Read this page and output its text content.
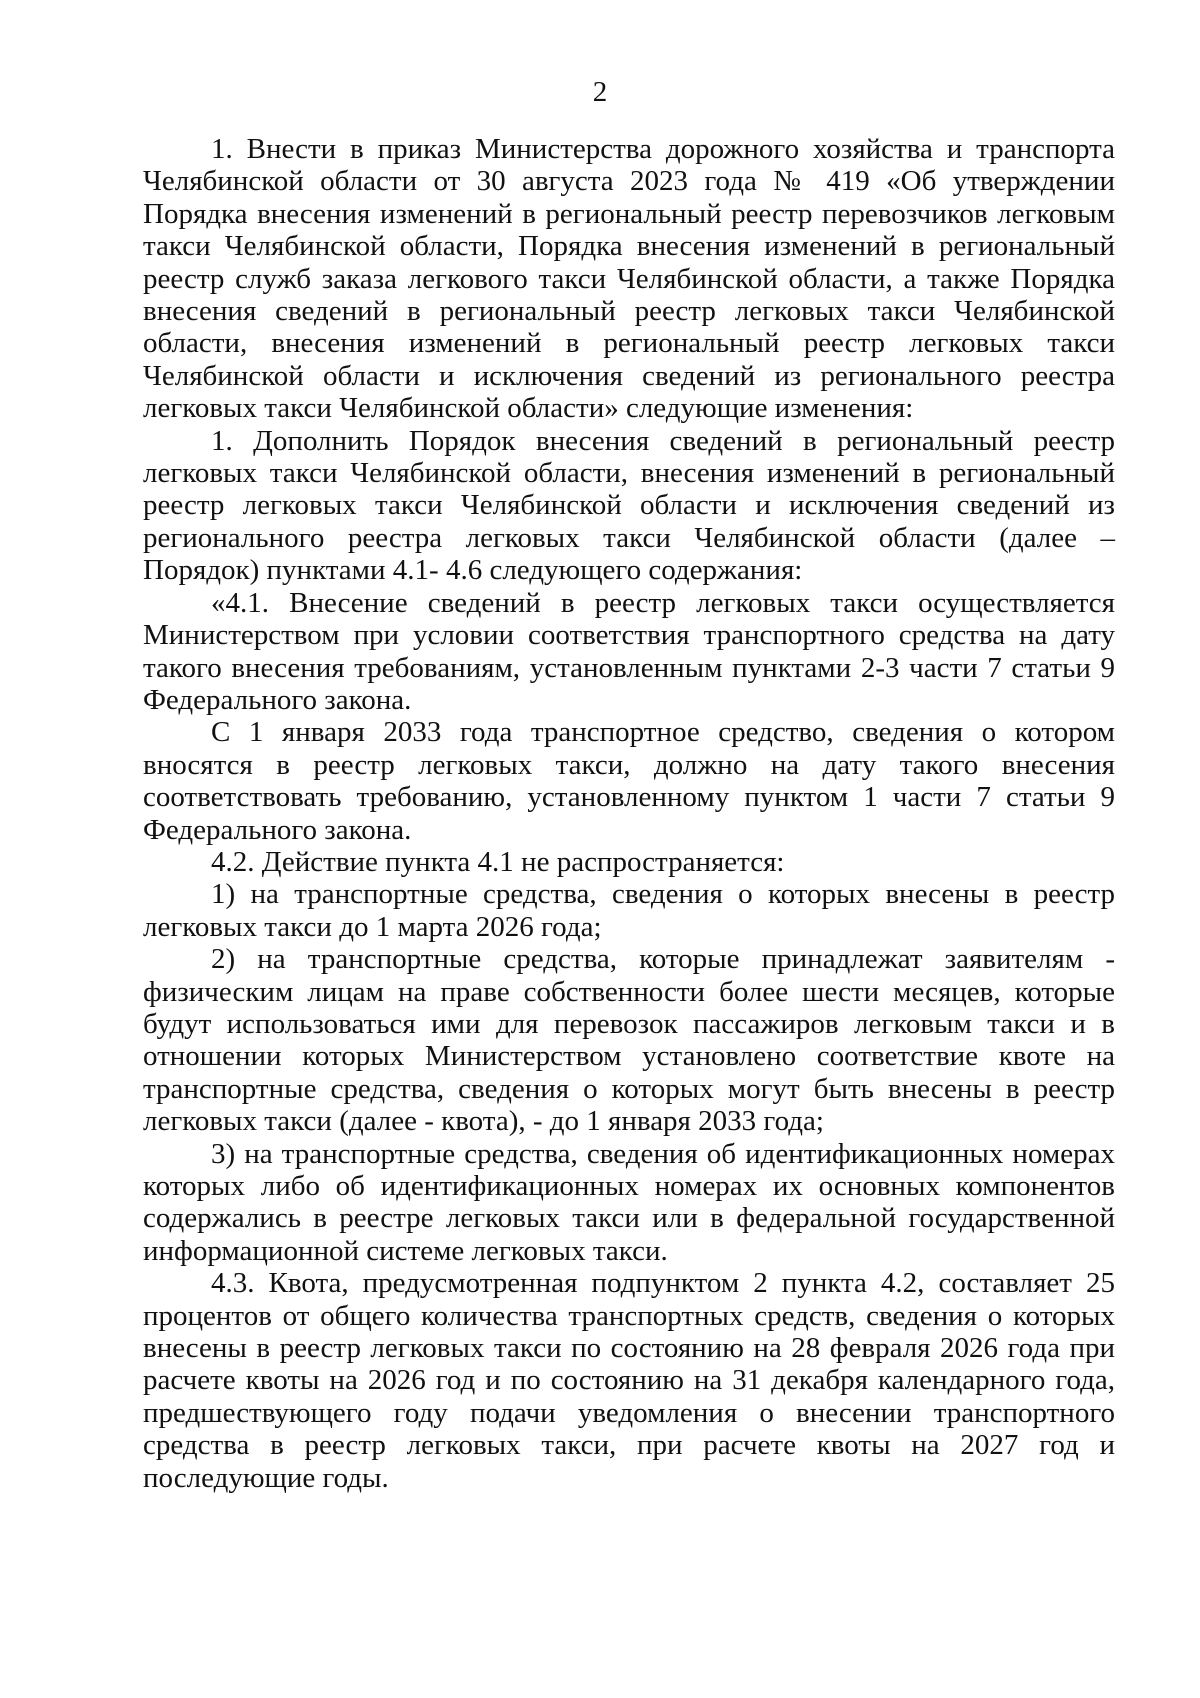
2

1. Внести в приказ Министерства дорожного хозяйства и транспорта Челябинской области от 30 августа 2023 года № 419 «Об утверждении Порядка внесения изменений в региональный реестр перевозчиков легковым такси Челябинской области, Порядка внесения изменений в региональный реестр служб заказа легкового такси Челябинской области, а также Порядка внесения сведений в региональный реестр легковых такси Челябинской области, внесения изменений в региональный реестр легковых такси Челябинской области и исключения сведений из регионального реестра легковых такси Челябинской области» следующие изменения:

1. Дополнить Порядок внесения сведений в региональный реестр легковых такси Челябинской области, внесения изменений в региональный реестр легковых такси Челябинской области и исключения сведений из регионального реестра легковых такси Челябинской области (далее – Порядок) пунктами 4.1- 4.6 следующего содержания:

«4.1. Внесение сведений в реестр легковых такси осуществляется Министерством при условии соответствия транспортного средства на дату такого внесения требованиям, установленным пунктами 2-3 части 7 статьи 9 Федерального закона.

С 1 января 2033 года транспортное средство, сведения о котором вносятся в реестр легковых такси, должно на дату такого внесения соответствовать требованию, установленному пунктом 1 части 7 статьи 9 Федерального закона.

4.2. Действие пункта 4.1 не распространяется:

1) на транспортные средства, сведения о которых внесены в реестр легковых такси до 1 марта 2026 года;

2) на транспортные средства, которые принадлежат заявителям - физическим лицам на праве собственности более шести месяцев, которые будут использоваться ими для перевозок пассажиров легковым такси и в отношении которых Министерством установлено соответствие квоте на транспортные средства, сведения о которых могут быть внесены в реестр легковых такси (далее - квота), - до 1 января 2033 года;

3) на транспортные средства, сведения об идентификационных номерах которых либо об идентификационных номерах их основных компонентов содержались в реестре легковых такси или в федеральной государственной информационной системе легковых такси.

4.3. Квота, предусмотренная подпунктом 2 пункта 4.2, составляет 25 процентов от общего количества транспортных средств, сведения о которых внесены в реестр легковых такси по состоянию на 28 февраля 2026 года при расчете квоты на 2026 год и по состоянию на 31 декабря календарного года, предшествующего году подачи уведомления о внесении транспортного средства в реестр легковых такси, при расчете квоты на 2027 год и последующие годы.
